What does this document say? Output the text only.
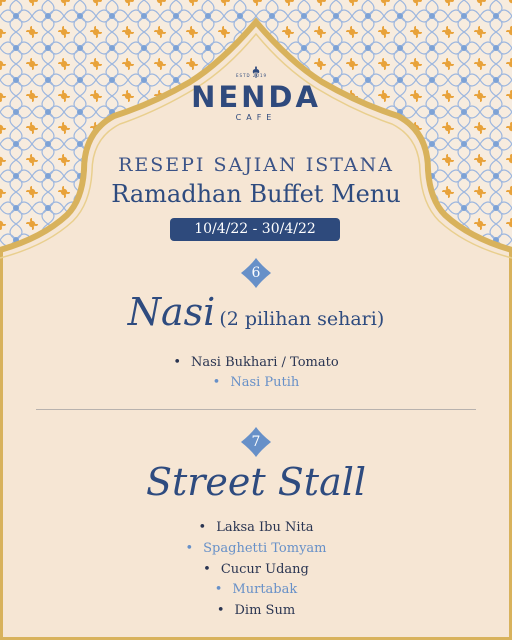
ESTD 2019
NENDA
CAFE
RESEPI SAJIAN ISTANA
Ramadhan Buffet Menu
10/4/22 - 30/4/22
6
Nasi (2 pilihan sehari)
• Nasi Bukhari / Tomato
• Nasi Putih
7
Street Stall
• Laksa Ibu Nita
• Spaghetti Tomyam
• Cucur Udang
• Murtabak
• Dim Sum
